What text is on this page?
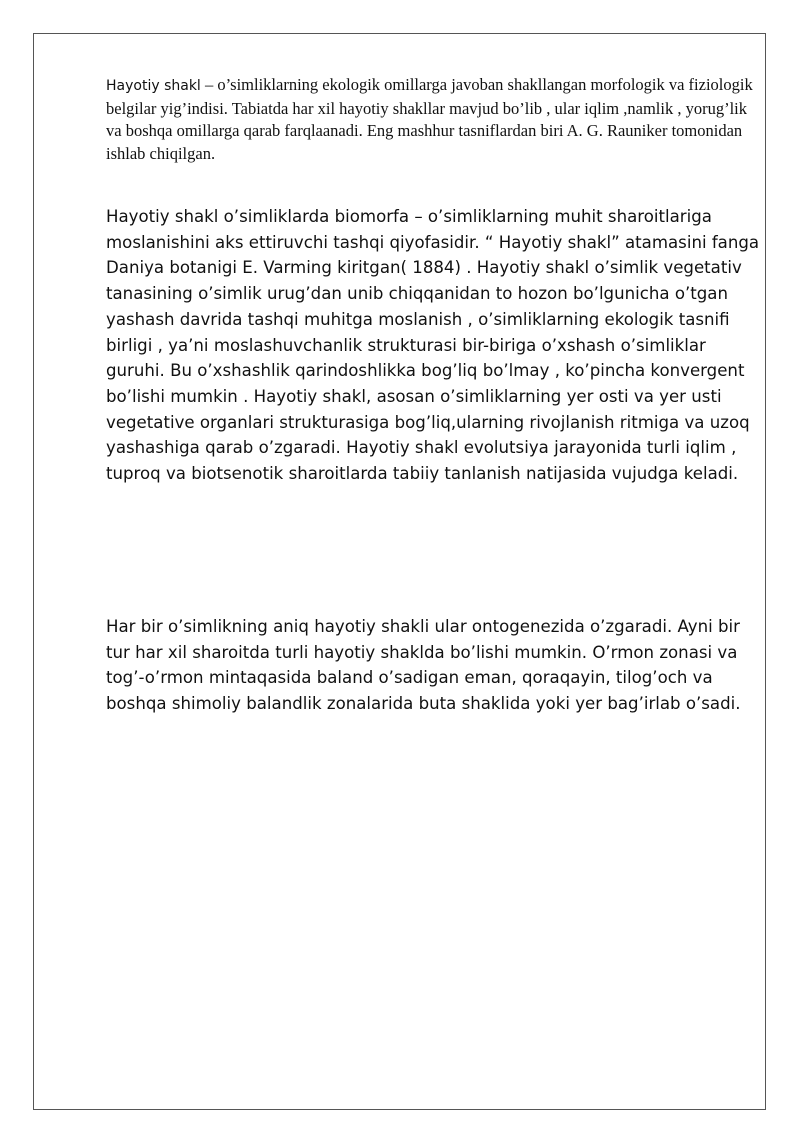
Hayotiy shakl – o’simliklarning ekologik omillarga javoban shakllangan morfologik va fiziologik belgilar yig’indisi. Tabiatda har xil hayotiy shakllar mavjud bo’lib , ular iqlim ,namlik , yorug’lik va boshqa omillarga qarab farqlaanadi. Eng mashhur tasniflardan biri A. G. Rauniker tomonidan ishlab chiqilgan.

Hayotiy shakl o’simliklarda biomorfa – o’simliklarning muhit sharoitlariga moslanishini aks ettiruvchi tashqi qiyofasidir. “ Hayotiy shakl” atamasini fanga Daniya botanigi E. Varming kiritgan( 1884) . Hayotiy shakl o’simlik vegetativ tanasining o’simlik urug’dan unib chiqqanidan to hozon bo’lgunicha o’tgan yashash davrida tashqi muhitga moslanish , o’simliklarning ekologik tasnifi birligi , ya’ni moslashuvchanlik strukturasi bir-biriga o’xshash o’simliklar guruhi. Bu o’xshashlik qarindoshlikka bog’liq bo’lmay , ko’pincha konvergent bo’lishi mumkin . Hayotiy shakl, asosan o’simliklarning yer osti va yer usti vegetative organlari strukturasiga bog’liq,ularning rivojlanish ritmiga va uzoq yashashiga qarab o’zgaradi. Hayotiy shakl evolutsiya jarayonida turli iqlim , tuproq va biotsenotik sharoitlarda tabiiy tanlanish natijasida vujudga keladi.

Har bir o’simlikning aniq hayotiy shakli ular ontogenezida o’zgaradi. Ayni bir tur har xil sharoitda turli hayotiy shaklda bo’lishi mumkin. O’rmon zonasi va tog’-o’rmon mintaqasida baland o’sadigan eman, qoraqayin, tilog’och va boshqa shimoliy balandlik zonalarida buta shaklida yoki yer bag’irlab o’sadi.
